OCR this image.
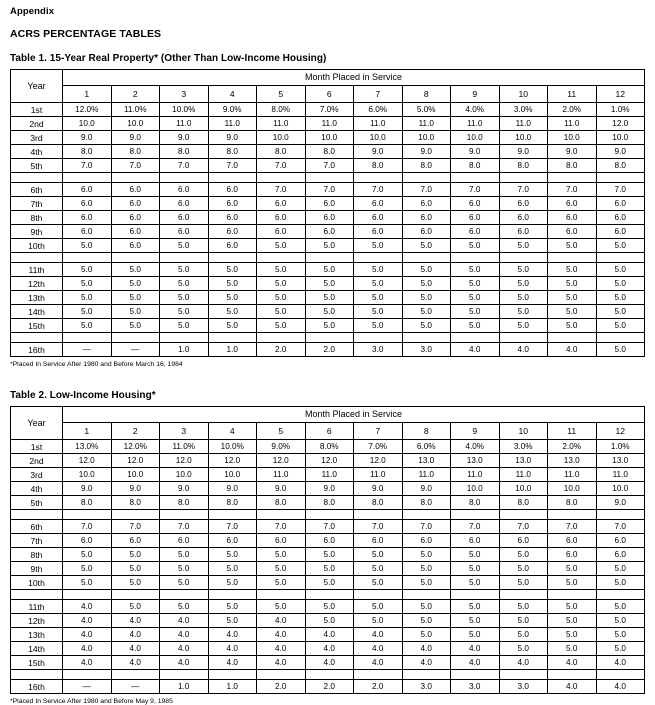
Appendix
ACRS PERCENTAGE TABLES
Table 1. 15-Year Real Property* (Other Than Low-Income Housing)
Year	Month Placed in Service											
	1	2	3	4	5	6	7	8	9	10	11	12
1st	12.0%	11.0%	10.0%	9.0%	8.0%	7.0%	6.0%	5.0%	4.0%	3.0%	2.0%	1.0%
2nd	10.0	10.0	11.0	11.0	11.0	11.0	11.0	11.0	11.0	11.0	11.0	12.0
3rd	9.0	9.0	9.0	9.0	10.0	10.0	10.0	10.0	10.0	10.0	10.0	10.0
4th	8.0	8.0	8.0	8.0	8.0	8.0	9.0	9.0	9.0	9.0	9.0	9.0
5th	7.0	7.0	7.0	7.0	7.0	7.0	8.0	8.0	8.0	8.0	8.0	8.0

6th	6.0	6.0	6.0	6.0	7.0	7.0	7.0	7.0	7.0	7.0	7.0	7.0
7th	6.0	6.0	6.0	6.0	6.0	6.0	6.0	6.0	6.0	6.0	6.0	6.0
8th	6.0	6.0	6.0	6.0	6.0	6.0	6.0	6.0	6.0	6.0	6.0	6.0
9th	6.0	6.0	6.0	6.0	6.0	6.0	6.0	6.0	6.0	6.0	6.0	6.0
10th	5.0	6.0	5.0	6.0	5.0	5.0	5.0	5.0	5.0	5.0	5.0	5.0

11th	5.0	5.0	5.0	5.0	5.0	5.0	5.0	5.0	5.0	5.0	5.0	5.0
12th	5.0	5.0	5.0	5.0	5.0	5.0	5.0	5.0	5.0	5.0	5.0	5.0
13th	5.0	5.0	5.0	5.0	5.0	5.0	5.0	5.0	5.0	5.0	5.0	5.0
14th	5.0	5.0	5.0	5.0	5.0	5.0	5.0	5.0	5.0	5.0	5.0	5.0
15th	5.0	5.0	5.0	5.0	5.0	5.0	5.0	5.0	5.0	5.0	5.0	5.0

16th	—	—	1.0	1.0	2.0	2.0	3.0	3.0	4.0	4.0	4.0	5.0
*Placed In Service After 1980 and Before March 16, 1984
Table 2. Low-Income Housing*
Year	Month Placed in Service											
	1	2	3	4	5	6	7	8	9	10	11	12
1st	13.0%	12.0%	11.0%	10.0%	9.0%	8.0%	7.0%	6.0%	4.0%	3.0%	2.0%	1.0%
2nd	12.0	12.0	12.0	12.0	12.0	12.0	12.0	13.0	13.0	13.0	13.0	13.0
3rd	10.0	10.0	10.0	10.0	11.0	11.0	11.0	11.0	11.0	11.0	11.0	11.0
4th	9.0	9.0	9.0	9.0	9.0	9.0	9.0	9.0	10.0	10.0	10.0	10.0
5th	8.0	8.0	8.0	8.0	8.0	8.0	8.0	8.0	8.0	8.0	8.0	9.0

6th	7.0	7.0	7.0	7.0	7.0	7.0	7.0	7.0	7.0	7.0	7.0	7.0
7th	6.0	6.0	6.0	6.0	6.0	6.0	6.0	6.0	6.0	6.0	6.0	6.0
8th	5.0	5.0	5.0	5.0	5.0	5.0	5.0	5.0	5.0	5.0	6.0	6.0
9th	5.0	5.0	5.0	5.0	5.0	5.0	5.0	5.0	5.0	5.0	5.0	5.0
10th	5.0	5.0	5.0	5.0	5.0	5.0	5.0	5.0	5.0	5.0	5.0	5.0

11th	4.0	5.0	5.0	5.0	5.0	5.0	5.0	5.0	5.0	5.0	5.0	5.0
12th	4.0	4.0	4.0	5.0	4.0	5.0	5.0	5.0	5.0	5.0	5.0	5.0
13th	4.0	4.0	4.0	4.0	4.0	4.0	4.0	5.0	5.0	5.0	5.0	5.0
14th	4.0	4.0	4.0	4.0	4.0	4.0	4.0	4.0	4.0	5.0	5.0	5.0
15th	4.0	4.0	4.0	4.0	4.0	4.0	4.0	4.0	4.0	4.0	4.0	4.0

16th	—	—	1.0	1.0	2.0	2.0	2.0	3.0	3.0	3.0	4.0	4.0
*Placed In Service After 1980 and Before May 9, 1985
